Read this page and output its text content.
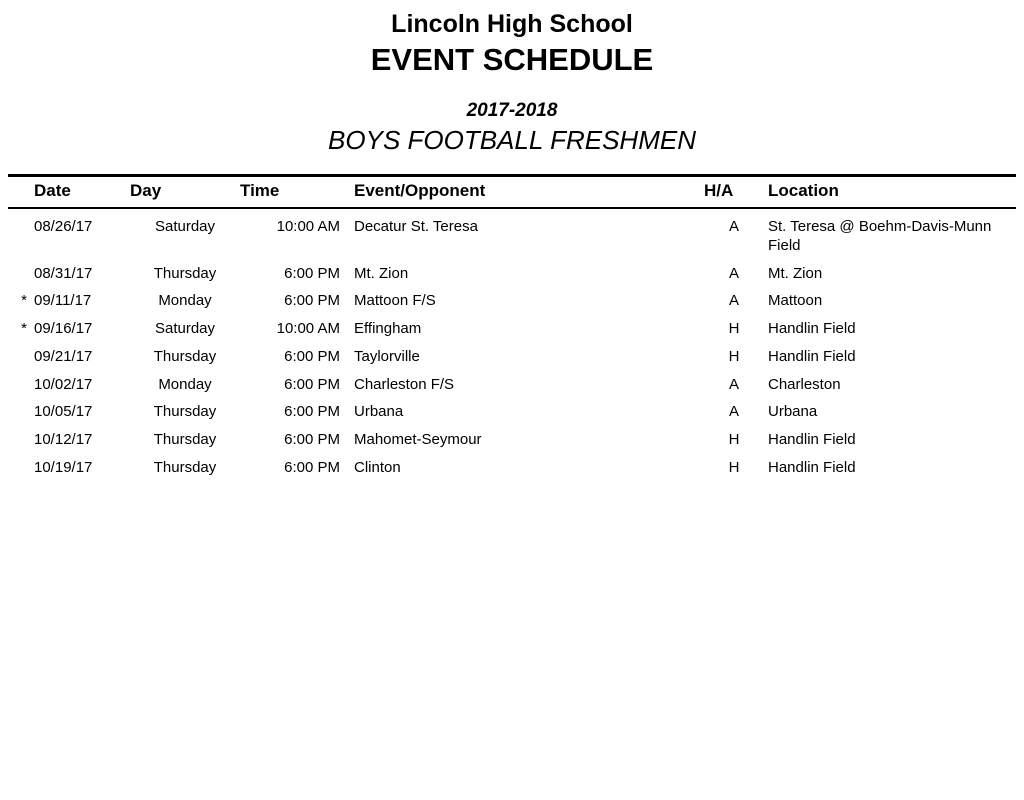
Lincoln High School
EVENT SCHEDULE
2017-2018
BOYS FOOTBALL FRESHMEN
	Date	Day	Time	Event/Opponent	H/A	Location
	08/26/17	Saturday	10:00 AM	Decatur St. Teresa	A	St. Teresa @ Boehm-Davis-Munn Field
	08/31/17	Thursday	6:00 PM	Mt. Zion	A	Mt. Zion
*	09/11/17	Monday	6:00 PM	Mattoon F/S	A	Mattoon
*	09/16/17	Saturday	10:00 AM	Effingham	H	Handlin Field
	09/21/17	Thursday	6:00 PM	Taylorville	H	Handlin Field
	10/02/17	Monday	6:00 PM	Charleston F/S	A	Charleston
	10/05/17	Thursday	6:00 PM	Urbana	A	Urbana
	10/12/17	Thursday	6:00 PM	Mahomet-Seymour	H	Handlin Field
	10/19/17	Thursday	6:00 PM	Clinton	H	Handlin Field
